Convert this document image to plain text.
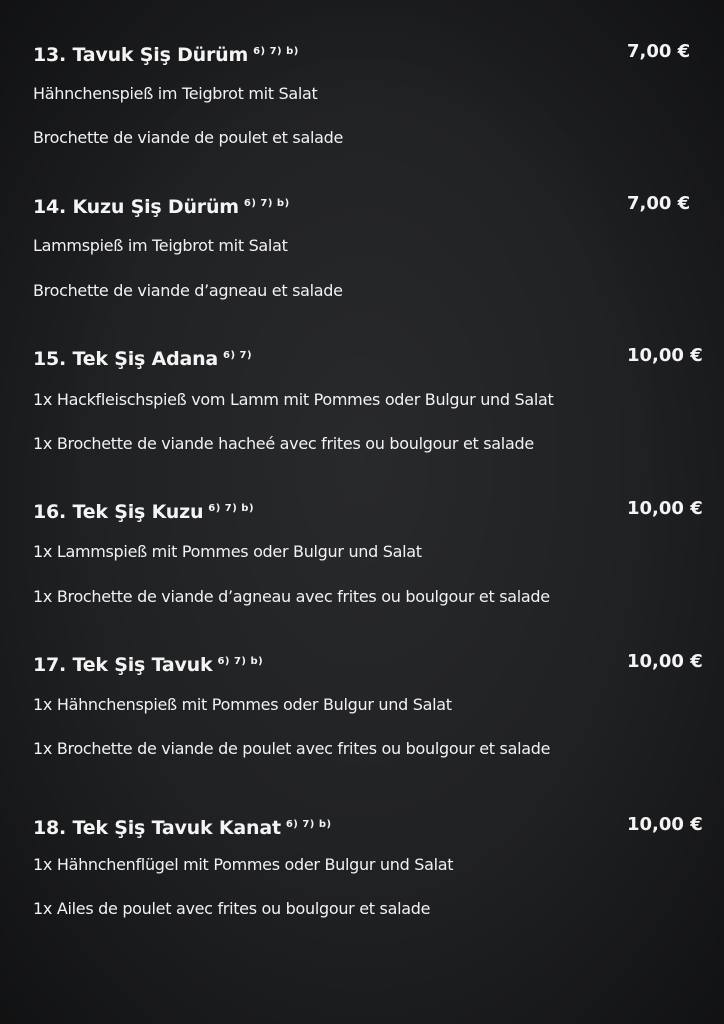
13. Tavuk Şiş Dürüm $^{6) 7) b)}$	7,00 €
Hähnchenspieß im Teigbrot mit Salat
Brochette de viande de poulet et salade
14. Kuzu Şiş Dürüm $^{6) 7) b)}$	7,00 €
Lammspieß im Teigbrot mit Salat
Brochette de viande d’agneau et salade
15. Tek Şiş Adana $^{6) 7)}$	10,00 €
1x Hackfleischspieß vom Lamm mit Pommes oder Bulgur und Salat
1x Brochette de viande hacheé avec frites ou boulgour et salade
16. Tek Şiş Kuzu $^{6) 7) b)}$	10,00 €
1x Lammspieß mit Pommes oder Bulgur und Salat
1x Brochette de viande d’agneau avec frites ou boulgour et salade
17. Tek Şiş Tavuk $^{6) 7) b)}$	10,00 €
1x Hähnchenspieß mit Pommes oder Bulgur und Salat
1x Brochette de viande de poulet avec frites ou boulgour et salade
18. Tek Şiş Tavuk Kanat $^{6) 7) b)}$	10,00 €
1x Hähnchenflügel mit Pommes oder Bulgur und Salat
1x Ailes de poulet avec frites ou boulgour et salade
